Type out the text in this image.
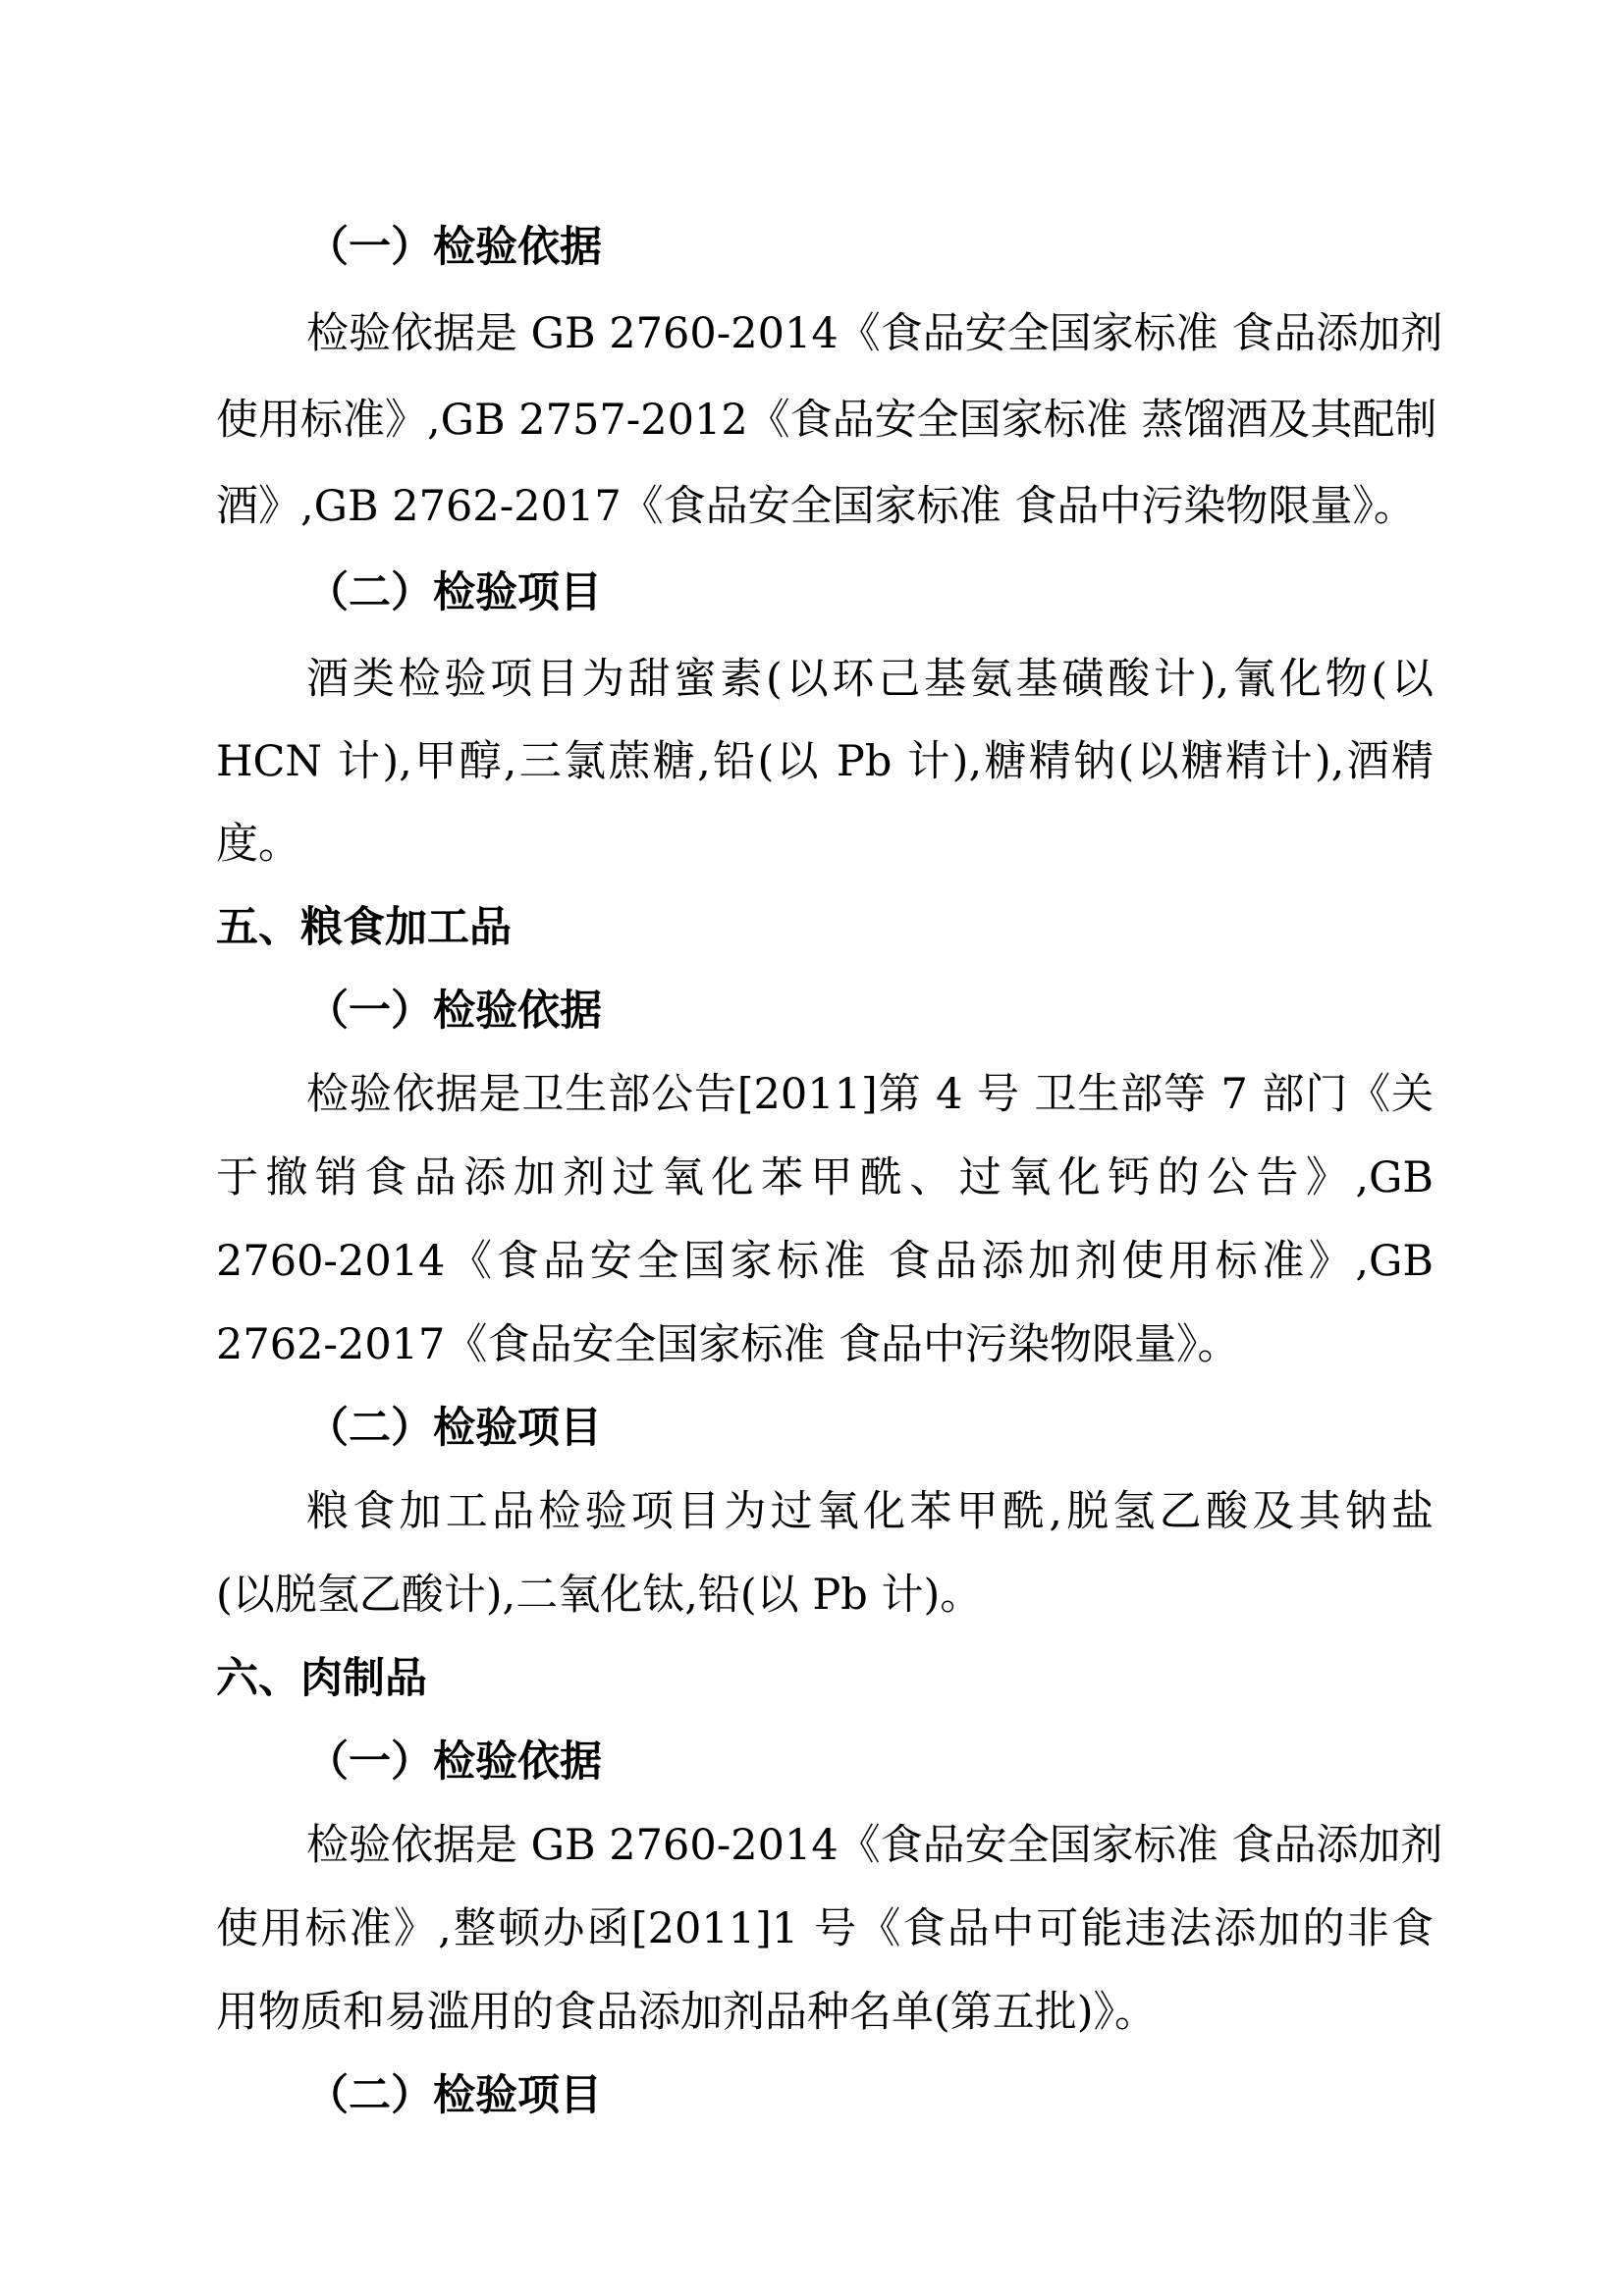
（一）检验依据
检验依据是 GB 2760-2014《食品安全国家标准 食品添加剂
使用标准》,GB 2757-2012《食品安全国家标准 蒸馏酒及其配制
酒》,GB 2762-2017《食品安全国家标准 食品中污染物限量》。
（二）检验项目
酒类检验项目为甜蜜素(以环己基氨基磺酸计),氰化物(以
HCN 计),甲醇,三氯蔗糖,铅(以 Pb 计),糖精钠(以糖精计),酒精
度。
五、粮食加工品
（一）检验依据
检验依据是卫生部公告[2011]第 4 号 卫生部等 7 部门《关
于撤销食品添加剂过氧化苯甲酰、过氧化钙的公告》,GB
2760-2014《食品安全国家标准 食品添加剂使用标准》,GB
2762-2017《食品安全国家标准 食品中污染物限量》。
（二）检验项目
粮食加工品检验项目为过氧化苯甲酰,脱氢乙酸及其钠盐
(以脱氢乙酸计),二氧化钛,铅(以 Pb 计)。
六、肉制品
（一）检验依据
检验依据是 GB 2760-2014《食品安全国家标准 食品添加剂
使用标准》,整顿办函[2011]1 号《食品中可能违法添加的非食
用物质和易滥用的食品添加剂品种名单(第五批)》。
（二）检验项目
